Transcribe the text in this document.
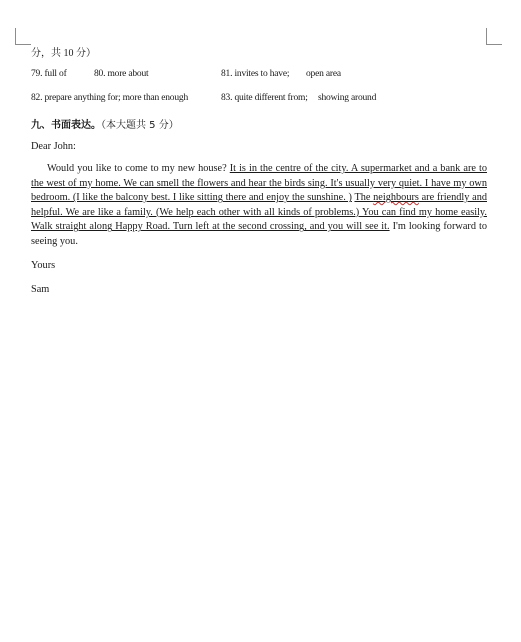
分，共 10 分）
79. full of	80. more about	81. invites to have; open area
82. prepare anything for; more than enough	83. quite different from; showing around
九、书面表达。（本大题共 5 分）
Dear John:
Would you like to come to my new house? It is in the centre of the city. A supermarket and a bank are to the west of my home. We can smell the flowers and hear the birds sing. It's usually very quiet. I have my own bedroom. (I like the balcony best. I like sitting there and enjoy the sunshine. ) The neighbours are friendly and helpful. We are like a family. (We help each other with all kinds of problems.) You can find my home easily. Walk straight along Happy Road. Turn left at the second crossing, and you will see it. I'm looking forward to seeing you.
Yours
Sam
